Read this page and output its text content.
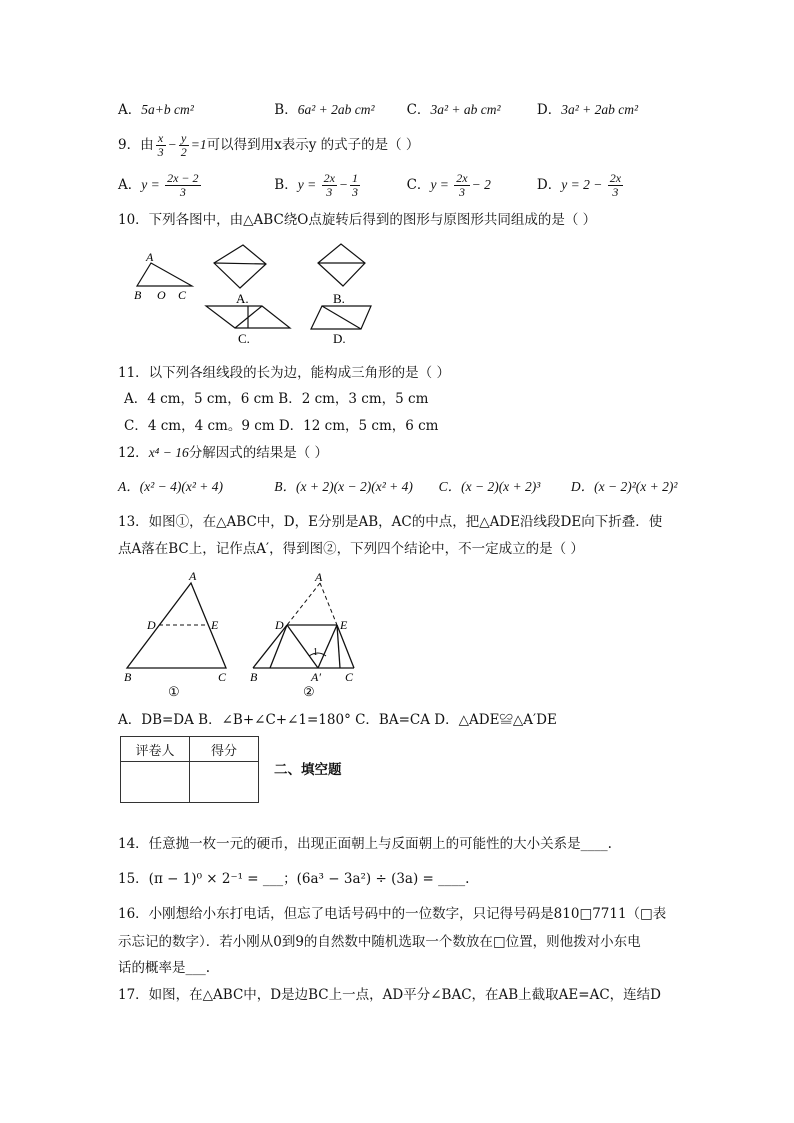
A．5a+b cm²	B．6a² + 2ab cm² C．3a² + ab cm²	D．3a² + 2ab cm²
9．由 $\frac{x}{3} - \frac{y}{2} =1$可以得到用x表示y 的式子的是（ ）
A．$y = \frac{2x - 2}{3}$	B．$y = \frac{2x}{3} - \frac{1}{3}$	C．$y = \frac{2x}{3} - 2$	D．$y = 2 - \frac{2x}{3}$
10．下列各图中，由△ABC绕O点旋转后得到的图形与原图形共同组成的是（ ）
A
B O C	A.	B.
C.	D.
A
D	E
B	C
①
A
D	E
1
B	A′ C
②
11．以下列各组线段的长为边，能构成三角形的是（ ）
A．4 cm，5 cm，6 cm B．2 cm，3 cm，5 cm
C．4 cm，4 cm。9 cm D．12 cm，5 cm，6 cm
12．x⁴ − 16分解因式的结果是（ ）
A．(x² − 4)(x² + 4)	B．(x + 2)(x − 2)(x² + 4) C．(x − 2)(x + 2)³ D．(x − 2)²(x + 2)²
13．如图①，在△ABC中，D，E分别是AB，AC的中点，把△ADE沿线段DE向下折叠．使
点A落在BC上，记作点A′，得到图②，下列四个结论中，不一定成立的是（ ）
A．DB=DA B．∠B+∠C+∠1=180° C．BA=CA D．△ADE≌△A′DE
评卷人	得分

二、填空题
14．任意抛一枚一元的硬币，出现正面朝上与反面朝上的可能性的大小关系是____.
15．(π − 1)⁰ × 2⁻¹ = ___；(6a³ − 3a²) ÷ (3a) = ____.
16．小刚想给小东打电话，但忘了电话号码中的一位数字，只记得号码是810□7711（□表
示忘记的数字）．若小刚从0到9的自然数中随机选取一个数放在□位置，则他拨对小东电
话的概率是___.
17．如图，在△ABC中，D是边BC上一点，AD平分∠BAC，在AB上截取AE=AC，连结D
